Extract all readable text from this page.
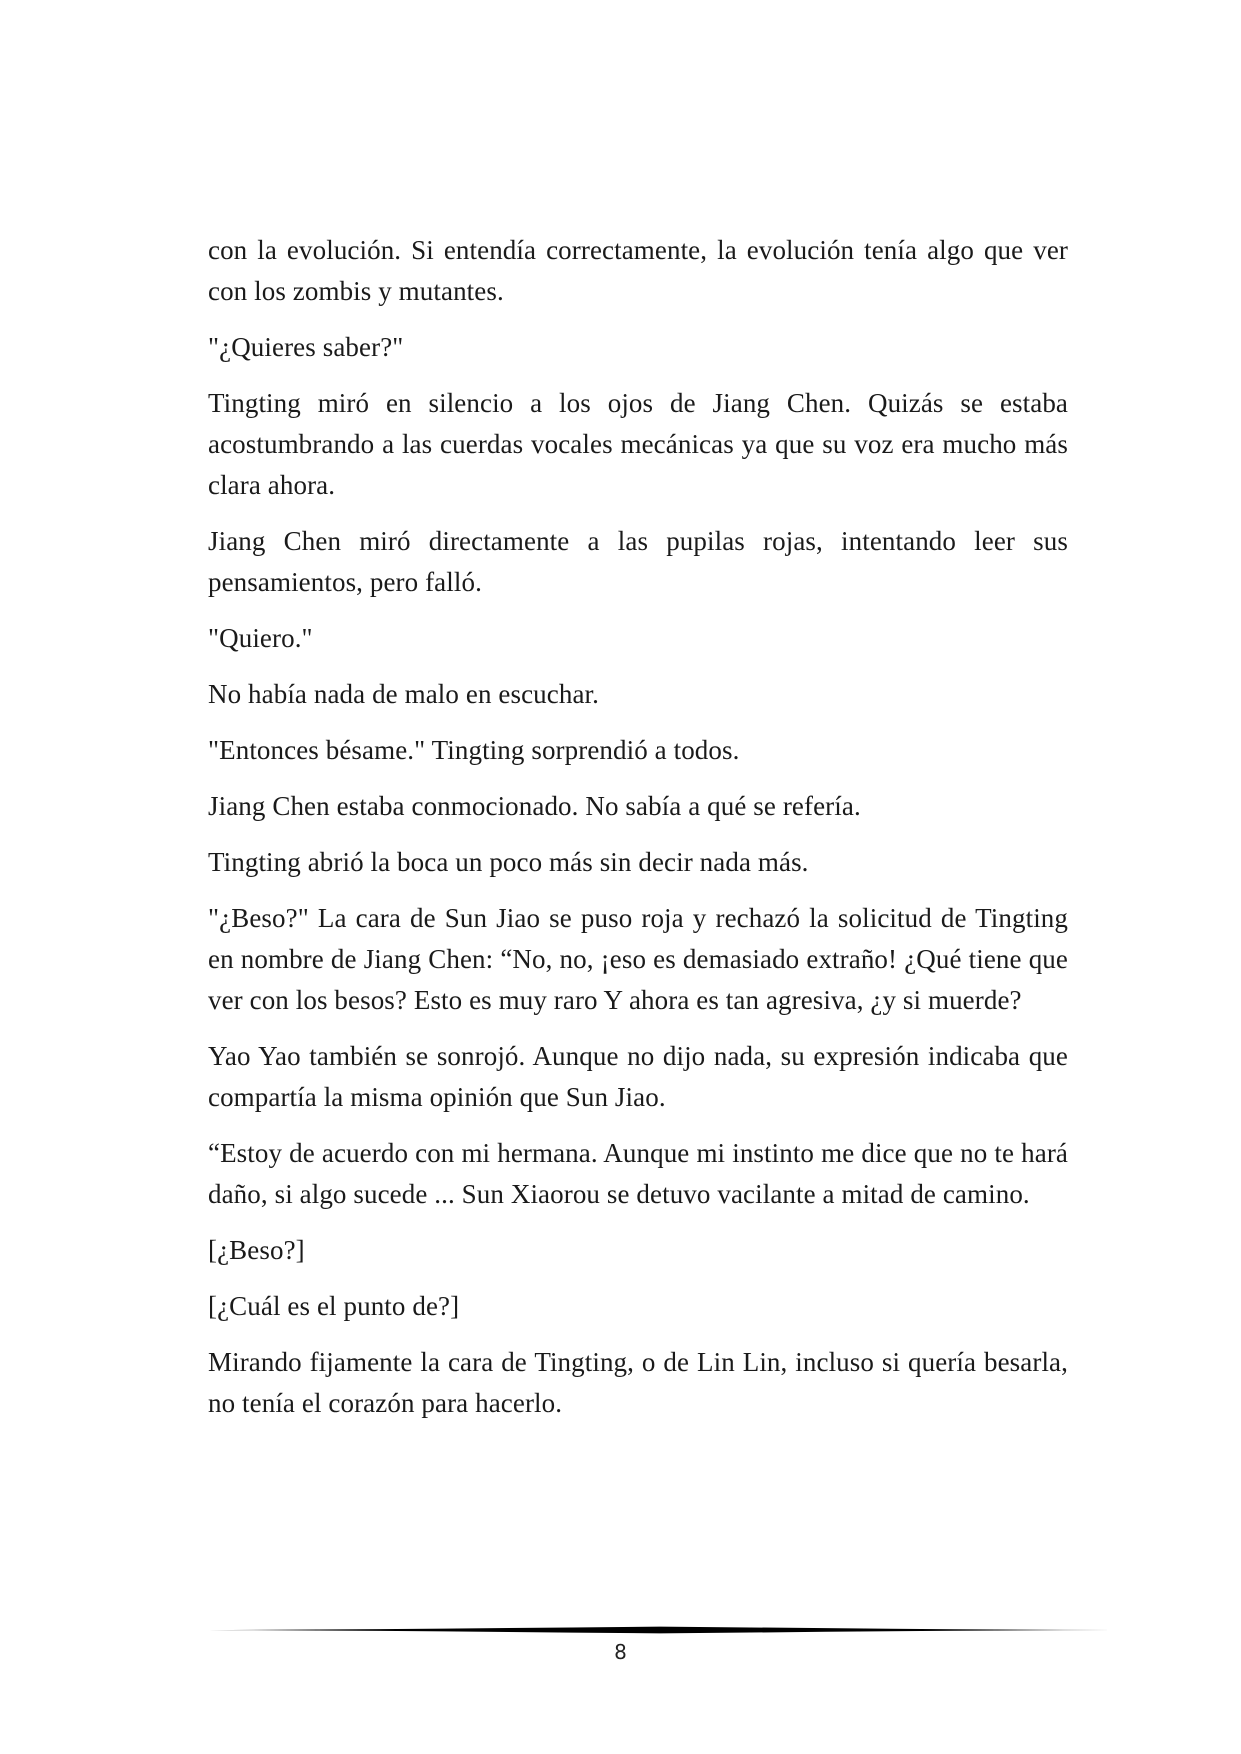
con la evolución. Si entendía correctamente, la evolución tenía algo que ver con los zombis y mutantes.

"¿Quieres saber?"

Tingting miró en silencio a los ojos de Jiang Chen. Quizás se estaba acostumbrando a las cuerdas vocales mecánicas ya que su voz era mucho más clara ahora.

Jiang Chen miró directamente a las pupilas rojas, intentando leer sus pensamientos, pero falló.

"Quiero."

No había nada de malo en escuchar.

"Entonces bésame." Tingting sorprendió a todos.

Jiang Chen estaba conmocionado. No sabía a qué se refería.

Tingting abrió la boca un poco más sin decir nada más.

"¿Beso?" La cara de Sun Jiao se puso roja y rechazó la solicitud de Tingting en nombre de Jiang Chen: “No, no, ¡eso es demasiado extraño! ¿Qué tiene que ver con los besos? Esto es muy raro Y ahora es tan agresiva, ¿y si muerde?

Yao Yao también se sonrojó. Aunque no dijo nada, su expresión indicaba que compartía la misma opinión que Sun Jiao.

“Estoy de acuerdo con mi hermana. Aunque mi instinto me dice que no te hará daño, si algo sucede ... Sun Xiaorou se detuvo vacilante a mitad de camino.

[¿Beso?]

[¿Cuál es el punto de?]

Mirando fijamente la cara de Tingting, o de Lin Lin, incluso si quería besarla, no tenía el corazón para hacerlo.

8
